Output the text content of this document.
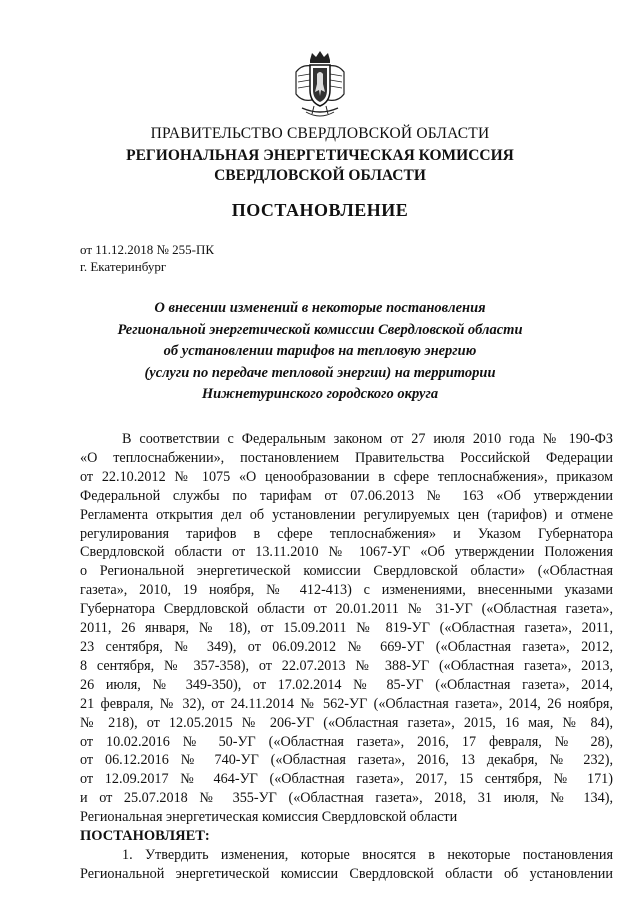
ПРАВИТЕЛЬСТВО СВЕРДЛОВСКОЙ ОБЛАСТИ
РЕГИОНАЛЬНАЯ ЭНЕРГЕТИЧЕСКАЯ КОМИССИЯ
СВЕРДЛОВСКОЙ ОБЛАСТИ
ПОСТАНОВЛЕНИЕ
от 11.12.2018 № 255-ПК
г. Екатеринбург
О внесении изменений в некоторые постановления
Региональной энергетической комиссии Свердловской области
об установлении тарифов на тепловую энергию
(услуги по передаче тепловой энергии) на территории
Нижнетуринского городского округа

В соответствии с Федеральным законом от 27 июля 2010 года № 190-ФЗ
«О теплоснабжении», постановлением Правительства Российской Федерации
от 22.10.2012 № 1075 «О ценообразовании в сфере теплоснабжения», приказом
Федеральной службы по тарифам от 07.06.2013 № 163 «Об утверждении
Регламента открытия дел об установлении регулируемых цен (тарифов) и отмене
регулирования тарифов в сфере теплоснабжения» и Указом Губернатора
Свердловской области от 13.11.2010 № 1067-УГ «Об утверждении Положения
о Региональной энергетической комиссии Свердловской области» («Областная
газета», 2010, 19 ноября, № 412-413) с изменениями, внесенными указами
Губернатора Свердловской области от 20.01.2011 № 31-УГ («Областная газета»,
2011, 26 января, № 18), от 15.09.2011 № 819-УГ («Областная газета», 2011,
23 сентября, № 349), от 06.09.2012 № 669-УГ («Областная газета», 2012,
8 сентября, № 357-358), от 22.07.2013 № 388-УГ («Областная газета», 2013,
26 июля, № 349-350), от 17.02.2014 № 85-УГ («Областная газета», 2014,
21 февраля, № 32), от 24.11.2014 № 562-УГ («Областная газета», 2014, 26 ноября,
№ 218), от 12.05.2015 № 206-УГ («Областная газета», 2015, 16 мая, № 84),
от 10.02.2016 № 50-УГ («Областная газета», 2016, 17 февраля, № 28),
от 06.12.2016 № 740-УГ («Областная газета», 2016, 13 декабря, № 232),
от 12.09.2017 № 464-УГ («Областная газета», 2017, 15 сентября, № 171)
и от 25.07.2018 № 355-УГ («Областная газета», 2018, 31 июля, № 134),
Региональная энергетическая комиссия Свердловской области

ПОСТАНОВЛЯЕТ:

1. Утвердить изменения, которые вносятся в некоторые постановления
Региональной энергетической комиссии Свердловской области об установлении
